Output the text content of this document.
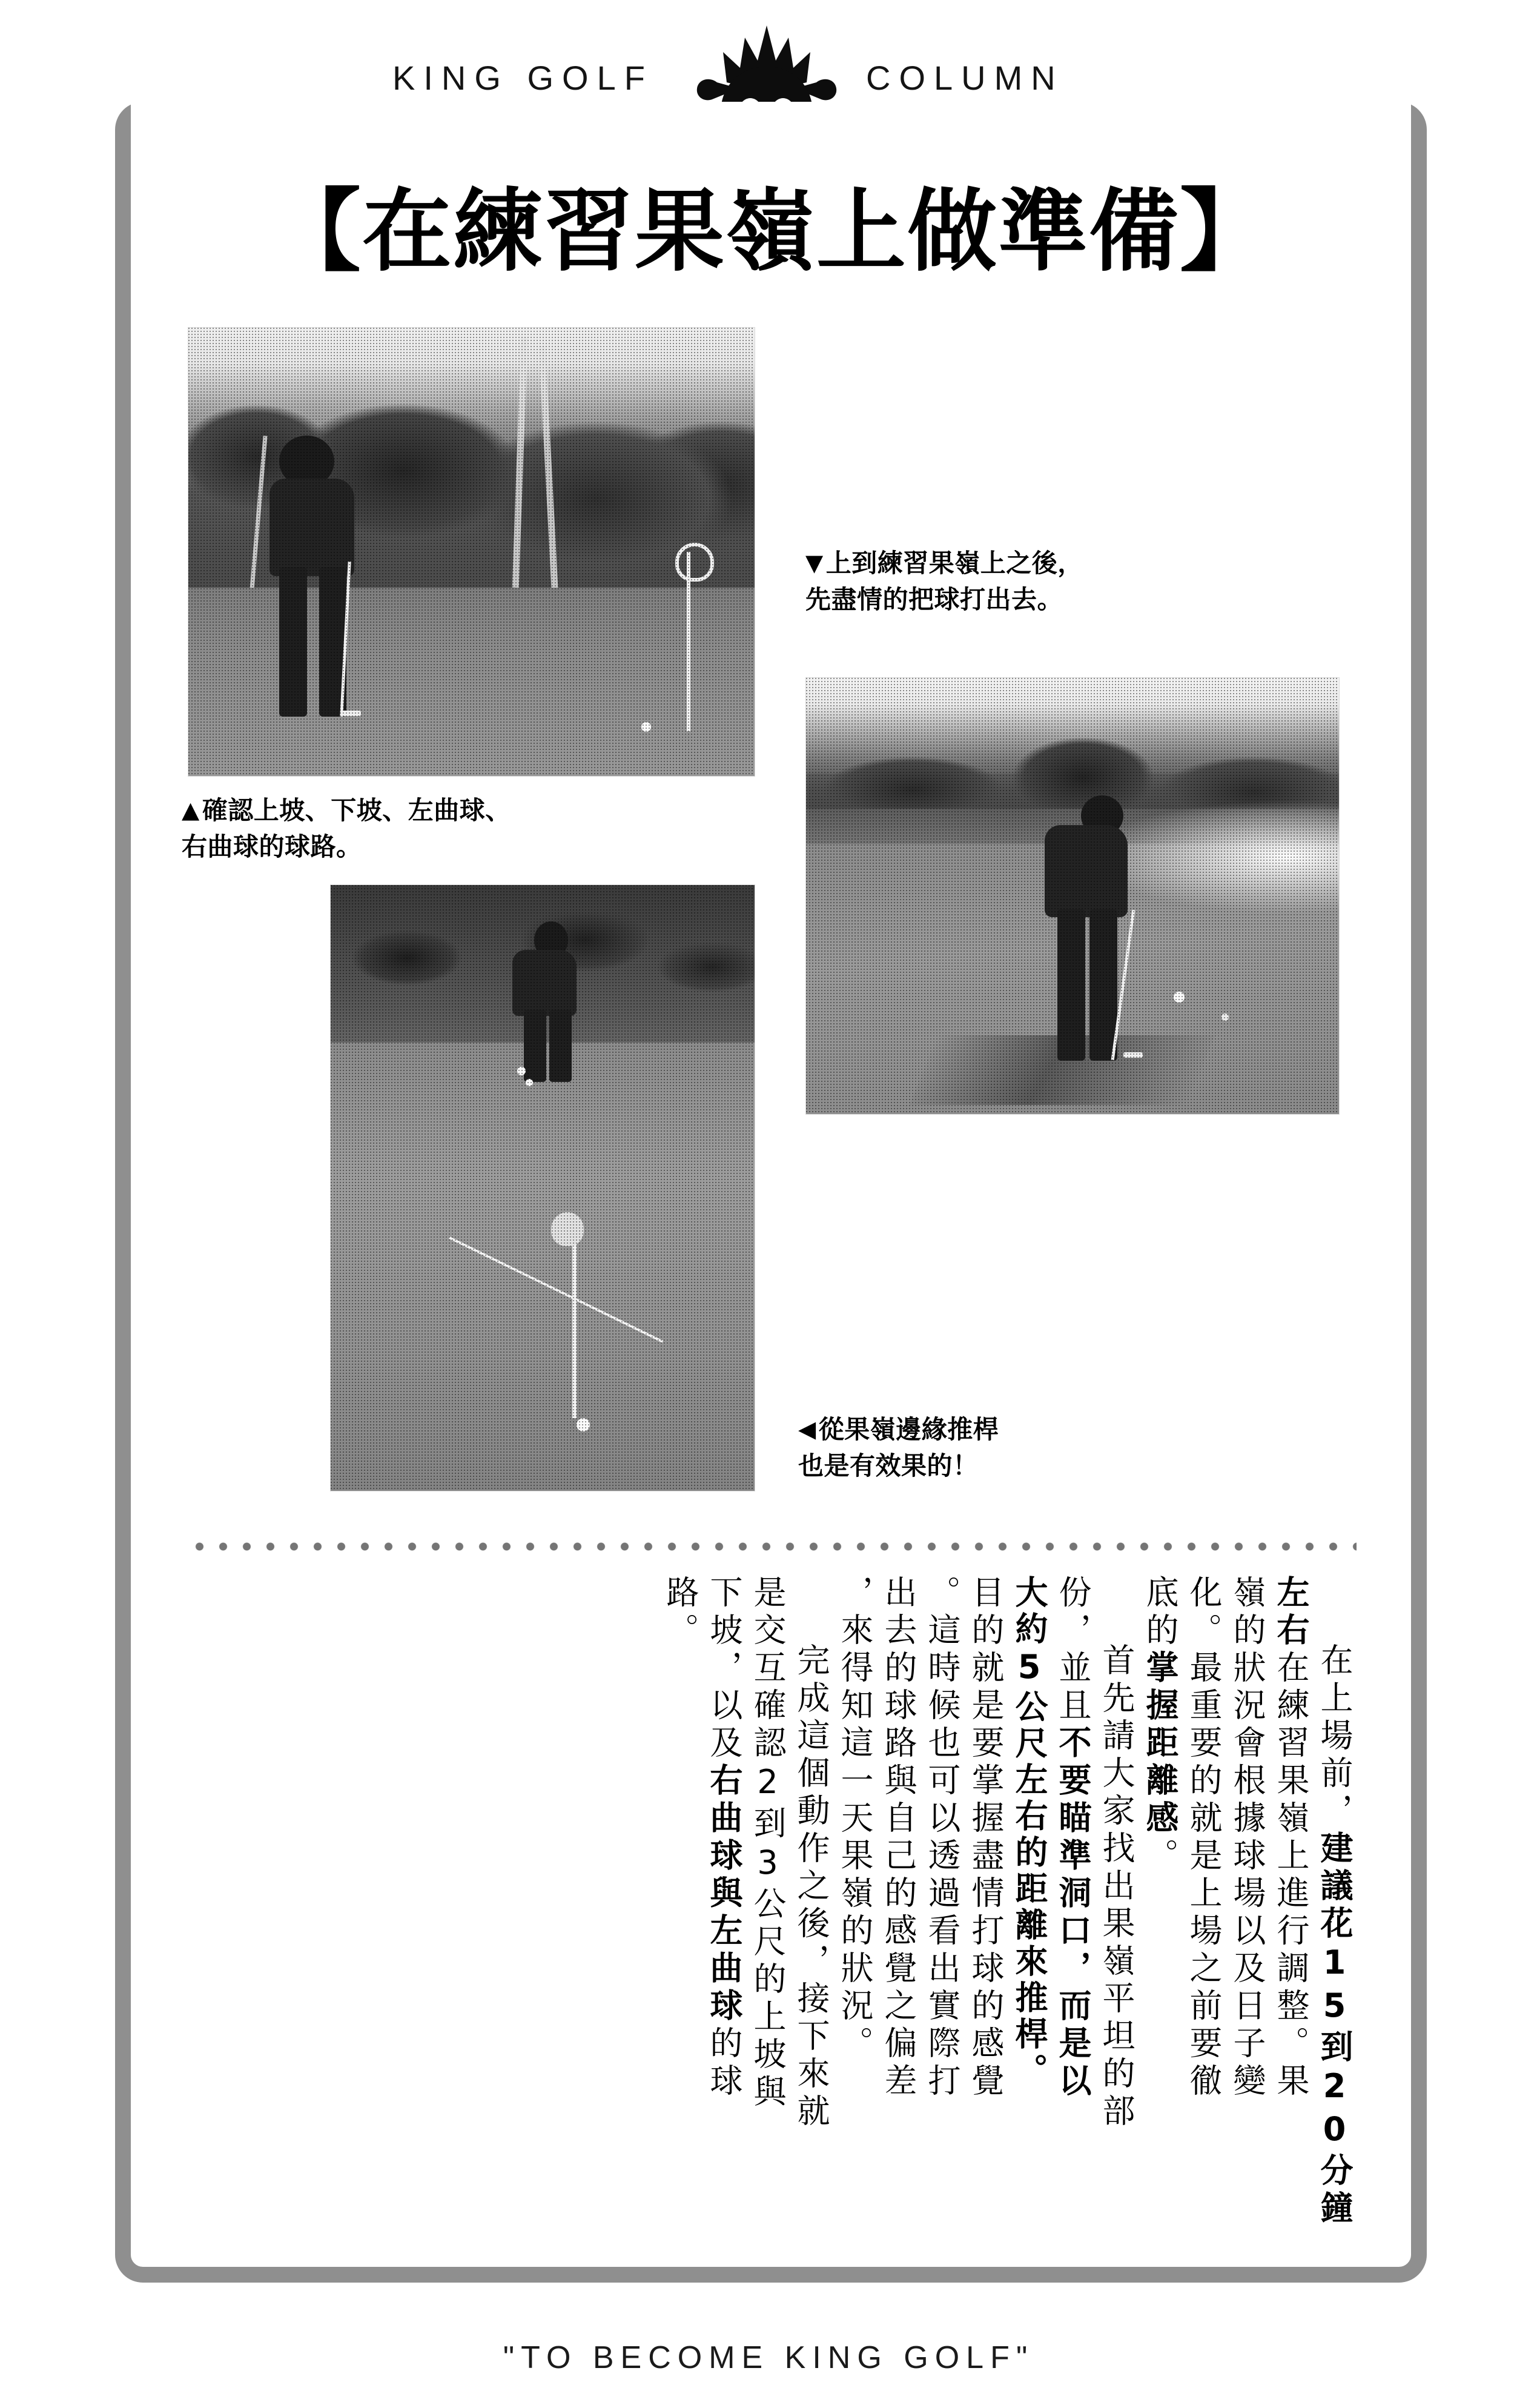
KING GOLF	COLUMN
【在練習果嶺上做準備】
▼上到練習果嶺上之後，
先盡情的把球打出去。
▲確認上坡、下坡、左曲球、
右曲球的球路。
◀從果嶺邊緣推桿
也是有效果的！
在上場前，建議花15到20分鐘
左右在練習果嶺上進行調整。果
嶺的狀況會根據球場以及日子變
化。最重要的就是上場之前要徹
底的掌握距離感。
首先請大家找出果嶺平坦的部
份，並且不要瞄準洞口，而是以
大約5公尺左右的距離來推桿。
目的就是要掌握盡情打球的感覺
。這時候也可以透過看出實際打
出去的球路與自己的感覺之偏差
，來得知這一天果嶺的狀況。
完成這個動作之後，接下來就
是交互確認2到3公尺的上坡與
下坡，以及右曲球與左曲球的球
路。
"TO BECOME KING GOLF"
